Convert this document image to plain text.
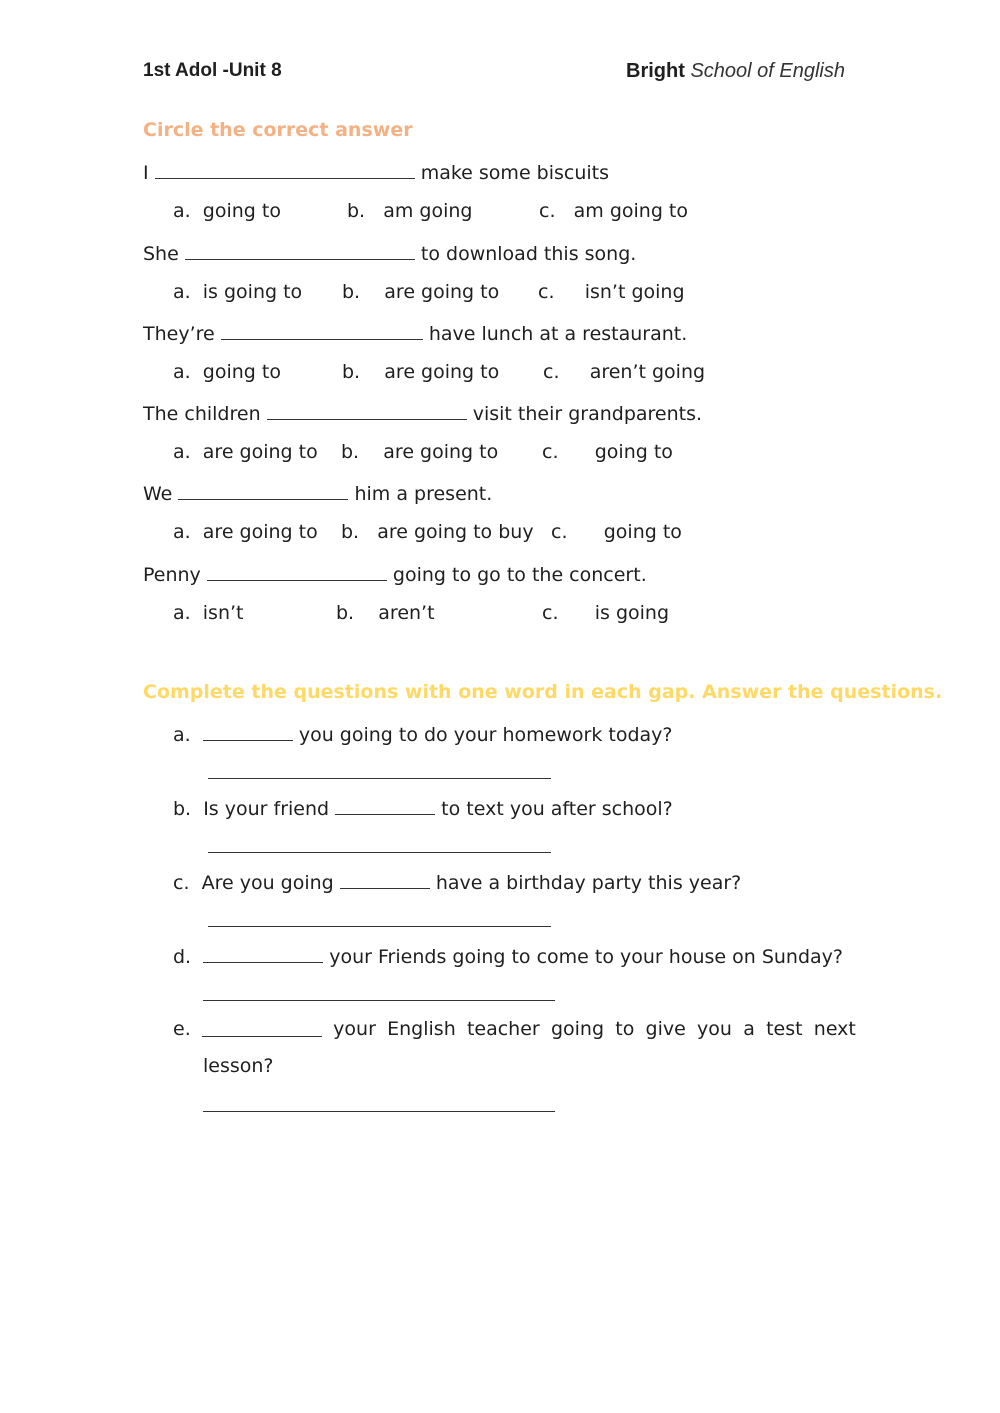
1st Adol -Unit 8	Bright School of English
Circle the correct answer
I	make some biscuits
a. going to	b. am going	c. am going to
She	to download this song.
a. is going to b. are going to c. isn’t going
They’re	have lunch at a restaurant.
a. going to	b. are going to c. aren’t going
The children	visit their grandparents.
a. are going to b. are going to c. going to
We	him a present.
a. are going to b. are going to buy c. going to
Penny	going to go to the concert.
a. isn’t	b. aren’t	c. is going
Complete the questions with one word in each gap. Answer the questions.
a.	you going to do your homework today?
b. Is your friend	to text you after school?
c. Are you going	have a birthday party this year?
d.	your Friends going to come to your house on Sunday?
e.	your English teacher going to give you a test next
lesson?
